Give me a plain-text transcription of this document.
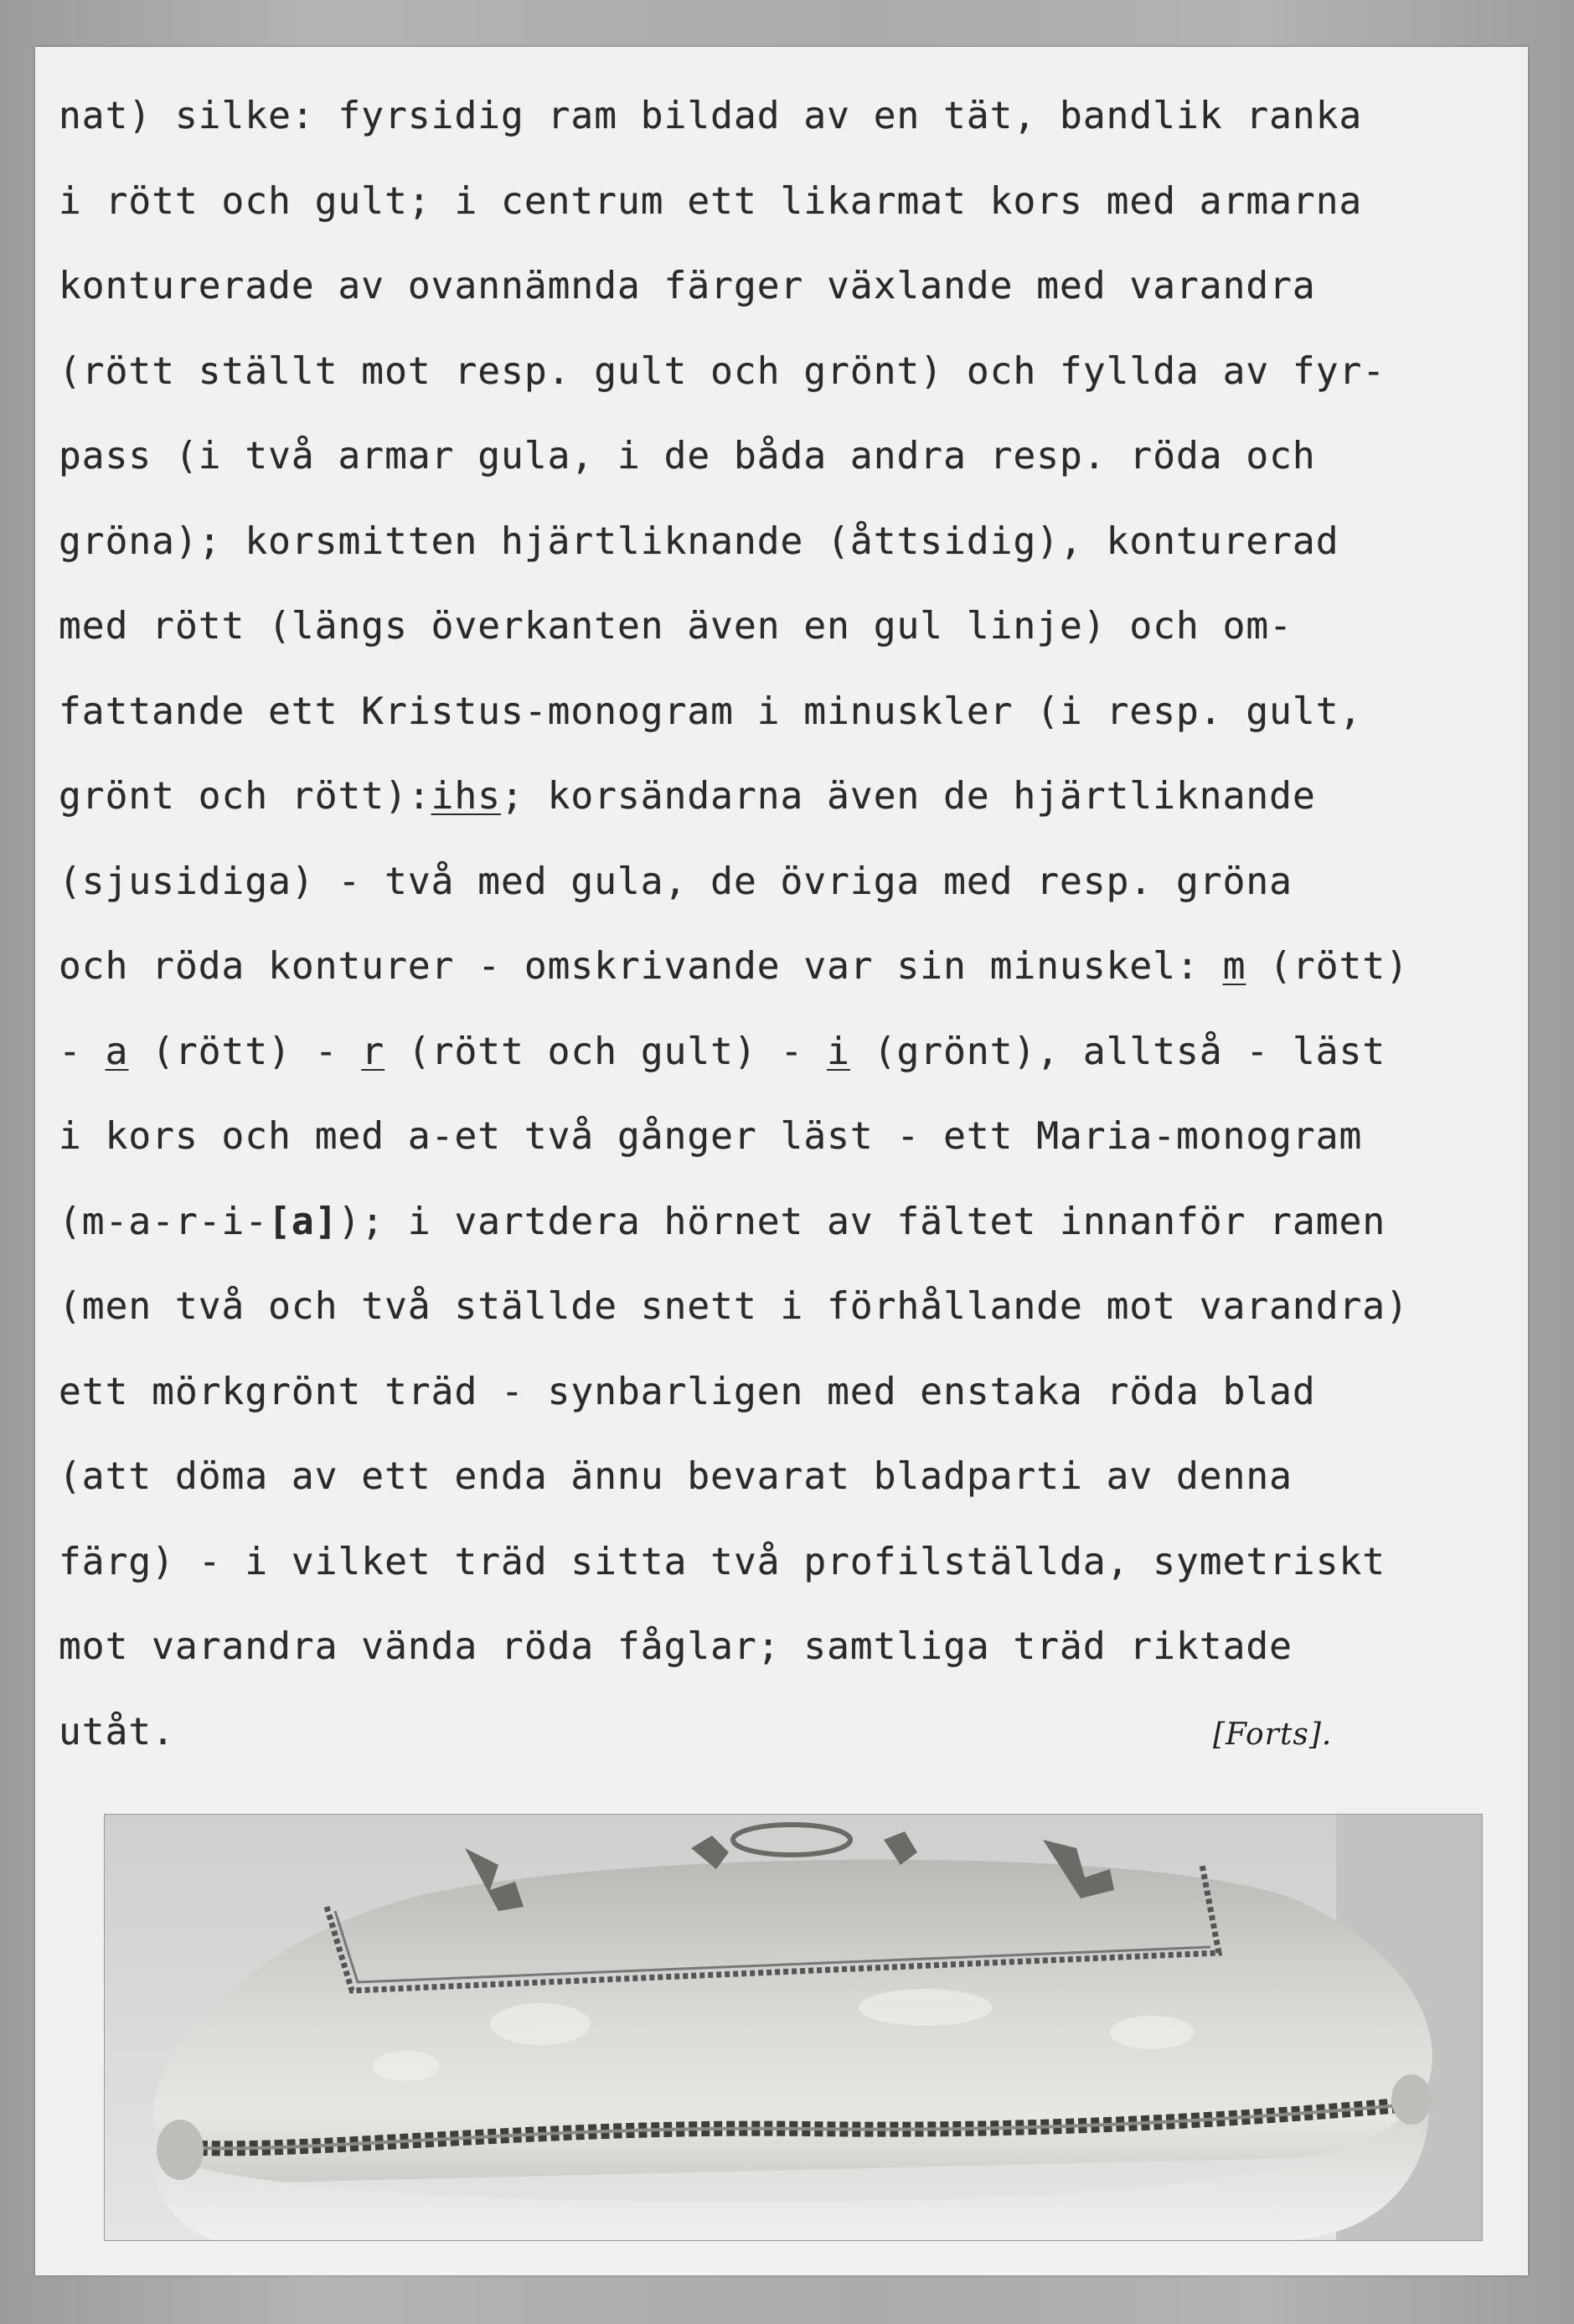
nat) silke: fyrsidig ram bildad av en tät, bandlik ranka
i rött och gult; i centrum ett likarmat kors med armarna
konturerade av ovannämnda färger växlande med varandra
(rött ställt mot resp. gult och grönt) och fyllda av fyr-
pass (i två armar gula, i de båda andra resp. röda och
gröna); korsmitten hjärtliknande (åttsidig), konturerad
med rött (längs överkanten även en gul linje) och om-
fattande ett Kristus-monogram i minuskler (i resp. gult,
grönt och rött):ihs; korsändarna även de hjärtliknande
(sjusidiga) - två med gula, de övriga med resp. gröna
och röda konturer - omskrivande var sin minuskel: m (rött)
- a (rött) - r (rött och gult) - i (grönt), alltså - läst
i kors och med a-et två gånger läst - ett Maria-monogram
(m-a-r-i-[a]); i vartdera hörnet av fältet innanför ramen
(men två och två ställde snett i förhållande mot varandra)
ett mörkgrönt träd - synbarligen med enstaka röda blad
(att döma av ett enda ännu bevarat bladparti av denna
färg) - i vilket träd sitta två profilställda, symetriskt
mot varandra vända röda fåglar; samtliga träd riktade
utåt.	[Forts].
